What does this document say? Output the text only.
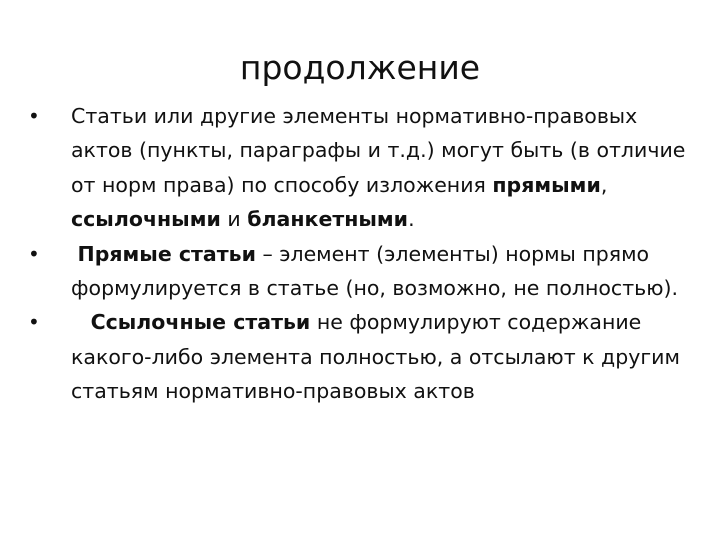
продолжение
•	Статьи или другие элементы нормативно-правовых актов (пункты, параграфы и т.д.) могут быть (в отличие от норм права) по способу изложения прямыми, ссылочными и бланкетными.
•	Прямые статьи – элемент (элементы) нормы прямо формулируется в статье (но, возможно, не полностью).
•	Ссылочные статьи не формулируют содержание какого-либо элемента полностью, а отсылают к другим статьям нормативно-правовых актов
